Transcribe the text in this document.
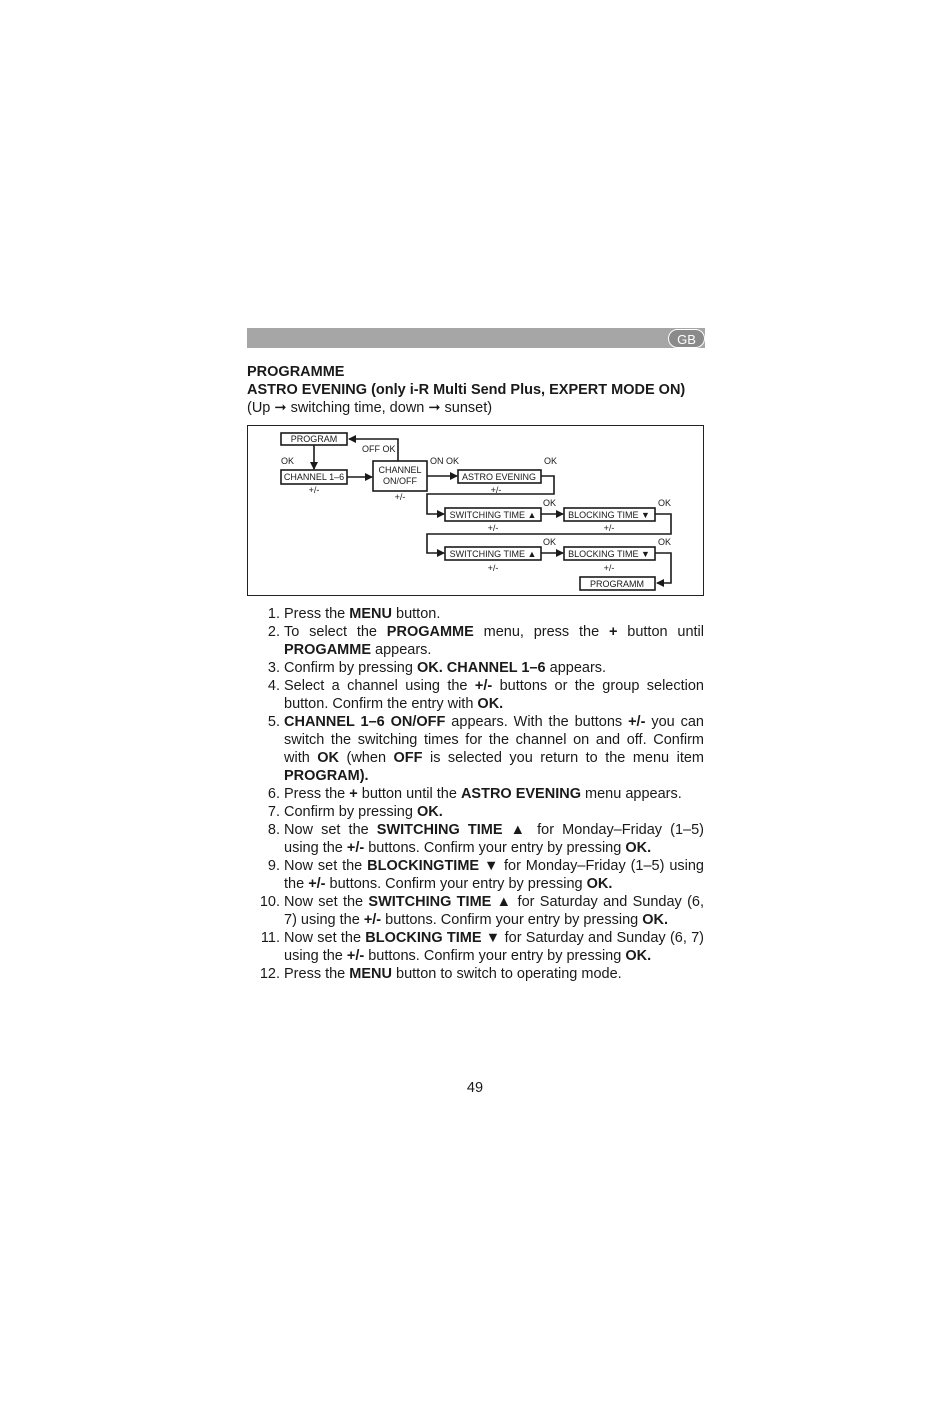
GB
PROGRAMME
ASTRO EVENING (only i-R Multi Send Plus, EXPERT MODE ON)
(Up ➞ switching time, down ➞ sunset)
PROGRAM
CHANNEL 1–6
CHANNEL
ON/OFF	ASTRO EVENING
SWITCHING TIME ▲	BLOCKING TIME ▼
SWITCHING TIME ▲	BLOCKING TIME ▼
PROGRAMM
OK
OFF OK
ON OK	OK
OK	OK
OK	OK
+/-
+/-
+/-
+/-	+/-
+/-	+/-
1. Press the MENU button.
2. To select the PROGAMME menu, press the + button until PROGAMME appears.
3. Confirm by pressing OK. CHANNEL 1–6 appears.
4. Select a channel using the +/- buttons or the group selection button. Confirm the entry with OK.
5. CHANNEL 1–6 ON/OFF appears. With the buttons +/- you can switch the switching times for the channel on and off. Confirm with OK (when OFF is selected you return to the menu item PROGRAM).
6. Press the + button until the ASTRO EVENING menu appears.
7. Confirm by pressing OK.
8. Now set the SWITCHING TIME ▲ for Monday–Friday (1–5) using the +/- buttons. Confirm your entry by pressing OK.
9. Now set the BLOCKINGTIME ▼ for Monday–Friday (1–5) using the +/- buttons. Confirm your entry by pressing OK.
10. Now set the SWITCHING TIME ▲ for Saturday and Sunday (6, 7) using the +/- buttons. Confirm your entry by pressing OK.
11. Now set the BLOCKING TIME ▼ for Saturday and Sunday (6, 7) using the +/- buttons. Confirm your entry by pressing OK.
12. Press the MENU button to switch to operating mode.
49
